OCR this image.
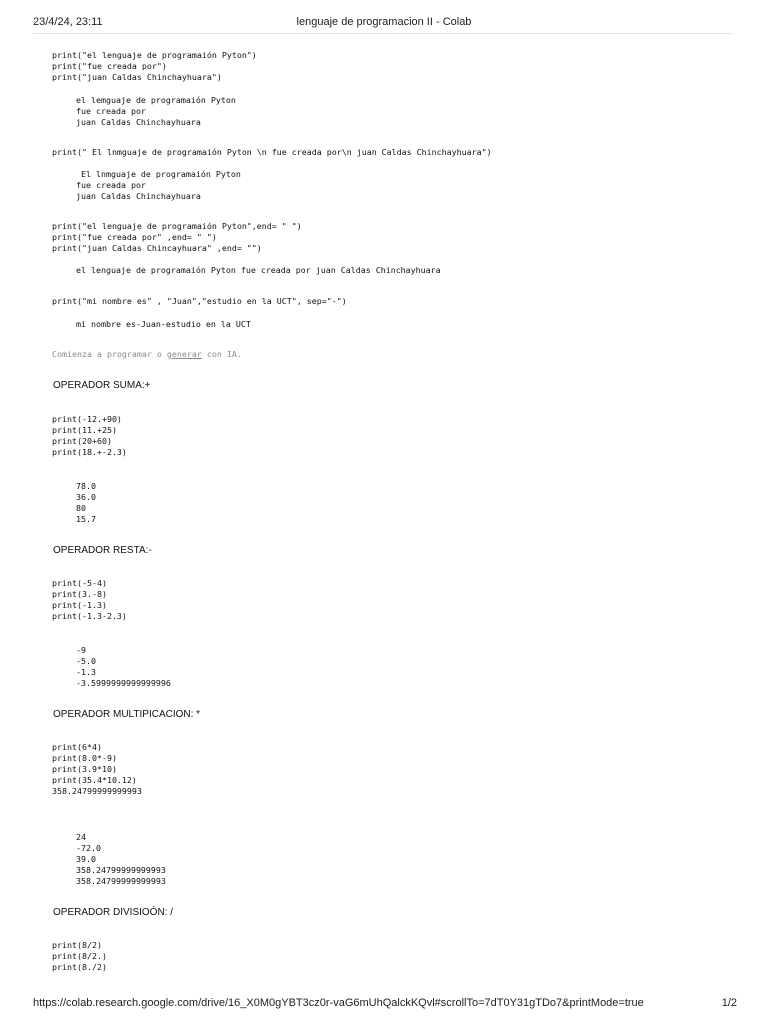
23/4/24, 23:11	lenguaje de programacion II - Colab
print("el lenguaje de programaión Pyton")
print("fue creada por")
print("juan Caldas Chinchayhuara")
el lemguaje de programaión Pyton
fue creada por
juan Caldas Chinchayhuara
print(" El lnmguaje de programaión Pyton \n fue creada por\n juan Caldas Chinchayhuara")
El lnmguaje de programaión Pyton
fue creada por
juan Caldas Chinchayhuara
print("el lenguaje de programaión Pyton",end= " ")
print("fue creada por" ,end= " ")
print("juan Caldas Chincayhuara" ,end= "")
el lenguaje de programaión Pyton fue creada por juan Caldas Chinchayhuara
print("mi nombre es" , "Juan","estudio en la UCT", sep="-")
mi nombre es-Juan-estudio en la UCT
Comienza a programar o generar con IA.
OPERADOR SUMA:+
print(-12.+90)
print(11.+25)
print(20+60)
print(18.+-2.3)
78.0
36.0
80
15.7
OPERADOR RESTA:-
print(-5-4)
print(3.-8)
print(-1.3)
print(-1.3-2.3)
-9
-5.0
-1.3
-3.5999999999999996
OPERADOR MULTIPICACION: *
print(6*4)
print(8.0*-9)
print(3.9*10)
print(35.4*10.12)
358.24799999999993
24
-72.0
39.0
358.24799999999993
358.24799999999993
OPERADOR DIVISIOÓN: /
print(8/2)
print(8/2.)
print(8./2)
https://colab.research.google.com/drive/16_X0M0gYBT3cz0r-vaG6mUhQalckKQvl#scrollTo=7dT0Y31gTDo7&printMode=true	1/2
